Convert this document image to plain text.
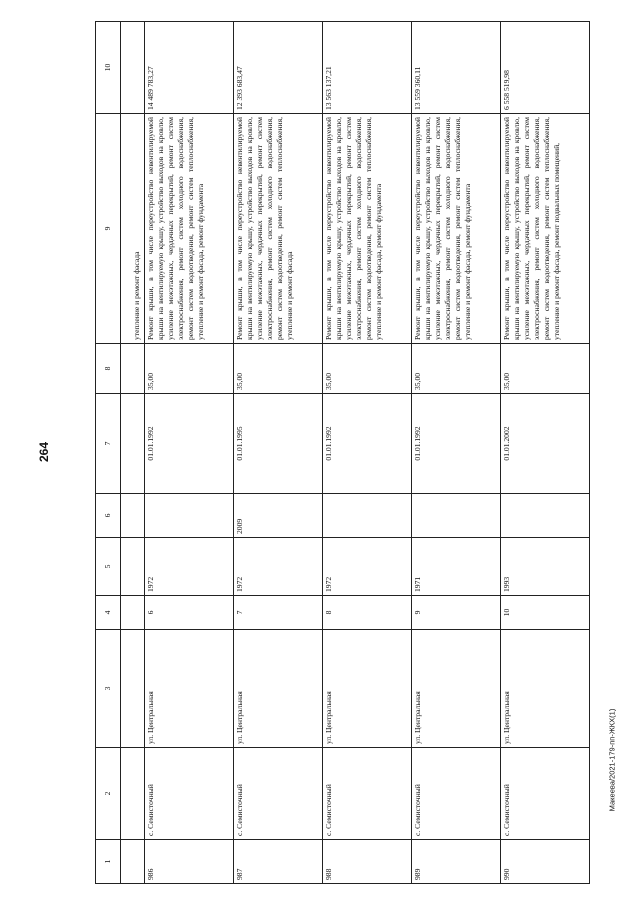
264
1	2	3	4	5	6	7	8	9	10
								утепление и ремонт фасада	
986	с. Семисточный	ул. Центральная	6	1972		01.01.1992	35,00	Ремонт крыши, в том числе переустройство невентилируемой крыши на вентилируемую крышу, устройство выходов на кровлю, усиление межэтажных, чердачных перекрытий, ремонт систем электроснабжения, ремонт систем холодного водоснабжения, ремонт систем водоотведения, ремонт систем теплоснабжения, утепление и ремонт фасада, ремонт фундамента	14 489 783,27
987	с. Семисточный	ул. Центральная	7	1972	2009	01.01.1995	35,00	Ремонт крыши, в том числе переустройство невентилируемой крыши на вентилируемую крышу, устройство выходов на кровлю, усиление межэтажных, чердачных перекрытий, ремонт систем электроснабжения, ремонт систем холодного водоснабжения, ремонт систем водоотведения, ремонт систем теплоснабжения, утепление и ремонт фасада	12 393 683,47
988	с. Семисточный	ул. Центральная	8	1972		01.01.1992	35,00	Ремонт крыши, в том числе переустройство невентилируемой крыши на вентилируемую крышу, устройство выходов на кровлю, усиление межэтажных, чердачных перекрытий, ремонт систем электроснабжения, ремонт систем холодного водоснабжения, ремонт систем водоотведения, ремонт систем теплоснабжения, утепление и ремонт фасада, ремонт фундамента	13 563 137,21
989	с. Семисточный	ул. Центральная	9	1971		01.01.1992	35,00	Ремонт крыши, в том числе переустройство невентилируемой крыши на вентилируемую крышу, устройство выходов на кровлю, усиление межэтажных, чердачных перекрытий, ремонт систем электроснабжения, ремонт систем холодного водоснабжения, ремонт систем водоотведения, ремонт систем теплоснабжения, утепление и ремонт фасада, ремонт фундамента	13 559 360,11
990	с. Семисточный	ул. Центральная	10	1993		01.01.2002	35,00	Ремонт крыши, в том числе переустройство невентилируемой крыши на вентилируемую крышу, устройство выходов на кровлю, усиление межэтажных, чердачных перекрытий, ремонт систем электроснабжения, ремонт систем холодного водоснабжения, ремонт систем водоотведения, ремонт систем теплоснабжения, утепление и ремонт фасада, ремонт подвальных помещений,	6 558 519,98
Макеева/2021-179-пп-ЖКХ(1)
